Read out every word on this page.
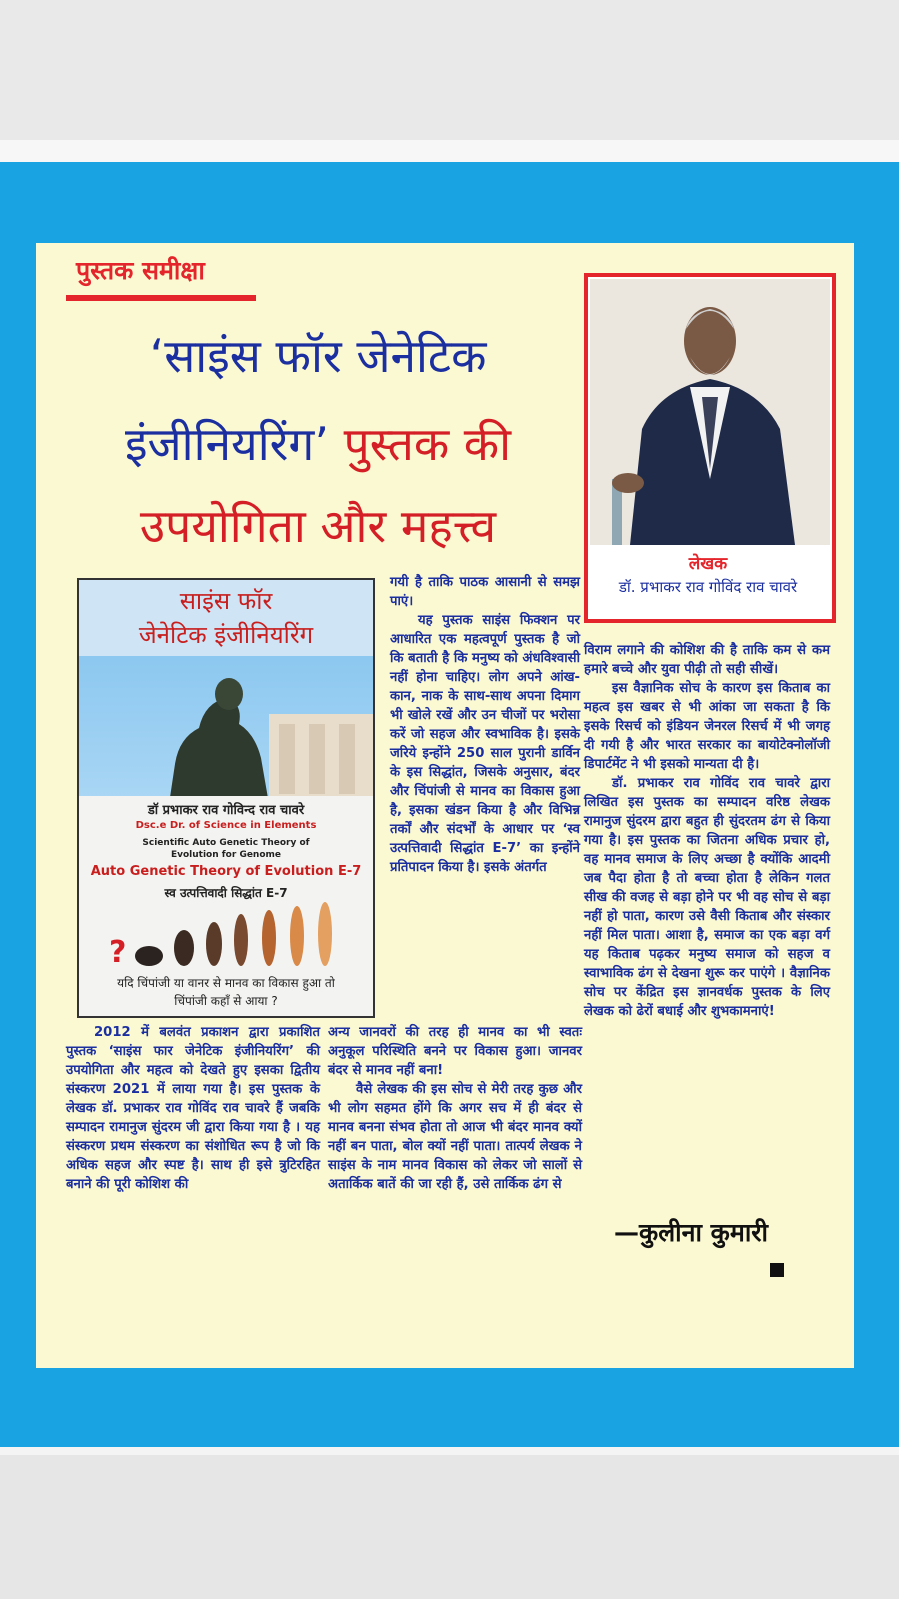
पुस्तक समीक्षा
‘साइंस फॉर जेनेटिक
इंजीनियरिंग’ पुस्तक की
उपयोगिता और महत्त्व
लेखक
डॉ. प्रभाकर राव गोविंद राव चावरे
साइंस फॉर
जेनेटिक इंजीनियरिंग
डॉ प्रभाकर राव गोविन्द राव चावरे
Dsc.e Dr. of Science in Elements
Scientific Auto Genetic Theory of
Evolution for Genome
Auto Genetic Theory of Evolution E-7
स्व उत्पत्तिवादी सिद्धांत E-7
?
यदि चिंपांजी या वानर से मानव का विकास हुआ तो
चिंपांजी कहाँ से आया ?

गयी है ताकि पाठक आसानी से समझ पाएं।

यह पुस्तक साइंस फिक्शन पर आधारित एक महत्वपूर्ण पुस्तक है जो कि बताती है कि मनुष्य को अंधविश्वासी नहीं होना चाहिए। लोग अपने आंख-कान, नाक के साथ-साथ अपना दिमाग भी खोले रखें और उन चीजों पर भरोसा करें जो सहज और स्वभाविक है। इसके जरिये इन्होंने 250 साल पुरानी डार्विन के इस सिद्धांत, जिसके अनुसार, बंदर और चिंपांजी से मानव का विकास हुआ है, इसका खंडन किया है और विभिन्न तर्कों और संदर्भों के आधार पर ‘स्व उत्पत्तिवादी सिद्धांत E-7’ का इन्होंने प्रतिपादन किया है। इसके अंतर्गत

2012 में बलवंत प्रकाशन द्वारा प्रकाशित पुस्तक ‘साइंस फार जेनेटिक इंजीनियरिंग’ की उपयोगिता और महत्व को देखते हुए इसका द्वितीय संस्करण 2021 में लाया गया है। इस पुस्तक के लेखक डॉ. प्रभाकर राव गोविंद राव चावरे हैं जबकि सम्पादन रामानुज सुंदरम जी द्वारा किया गया है । यह संस्करण प्रथम संस्करण का संशोधित रूप है जो कि अधिक सहज और स्पष्ट है। साथ ही इसे त्रुटिरहित बनाने की पूरी कोशिश की

अन्य जानवरों की तरह ही मानव का भी स्वतः अनुकूल परिस्थिति बनने पर विकास हुआ। जानवर बंदर से मानव नहीं बना!

वैसे लेखक की इस सोच से मेरी तरह कुछ और भी लोग सहमत होंगे कि अगर सच में ही बंदर से मानव बनना संभव होता तो आज भी बंदर मानव क्यों नहीं बन पाता, बोल क्यों नहीं पाता। तात्पर्य लेखक ने साइंस के नाम मानव विकास को लेकर जो सालों से अतार्किक बातें की जा रही हैं, उसे तार्किक ढंग से

विराम लगाने की कोशिश की है ताकि कम से कम हमारे बच्चे और युवा पीढ़ी तो सही सीखें।

इस वैज्ञानिक सोच के कारण इस किताब का महत्व इस खबर से भी आंका जा सकता है कि इसके रिसर्च को इंडियन जेनरल रिसर्च में भी जगह दी गयी है और भारत सरकार का बायोटेक्नोलॉजी डिपार्टमेंट ने भी इसको मान्यता दी है।

डॉ. प्रभाकर राव गोविंद राव चावरे द्वारा लिखित इस पुस्तक का सम्पादन वरिष्ठ लेखक रामानुज सुंदरम द्वारा बहुत ही सुंदरतम ढंग से किया गया है। इस पुस्तक का जितना अधिक प्रचार हो, वह मानव समाज के लिए अच्छा है क्योंकि आदमी जब पैदा होता है तो बच्चा होता है लेकिन गलत सीख की वजह से बड़ा होने पर भी वह सोच से बड़ा नहीं हो पाता, कारण उसे वैसी किताब और संस्कार नहीं मिल पाता। आशा है, समाज का एक बड़ा वर्ग यह किताब पढ़कर मनुष्य समाज को सहज व स्वाभाविक ढंग से देखना शुरू कर पाएंगे । वैज्ञानिक सोच पर केंद्रित इस ज्ञानवर्धक पुस्तक के लिए लेखक को ढेरों बधाई और शुभकामनाएं!

—कुलीना कुमारी
